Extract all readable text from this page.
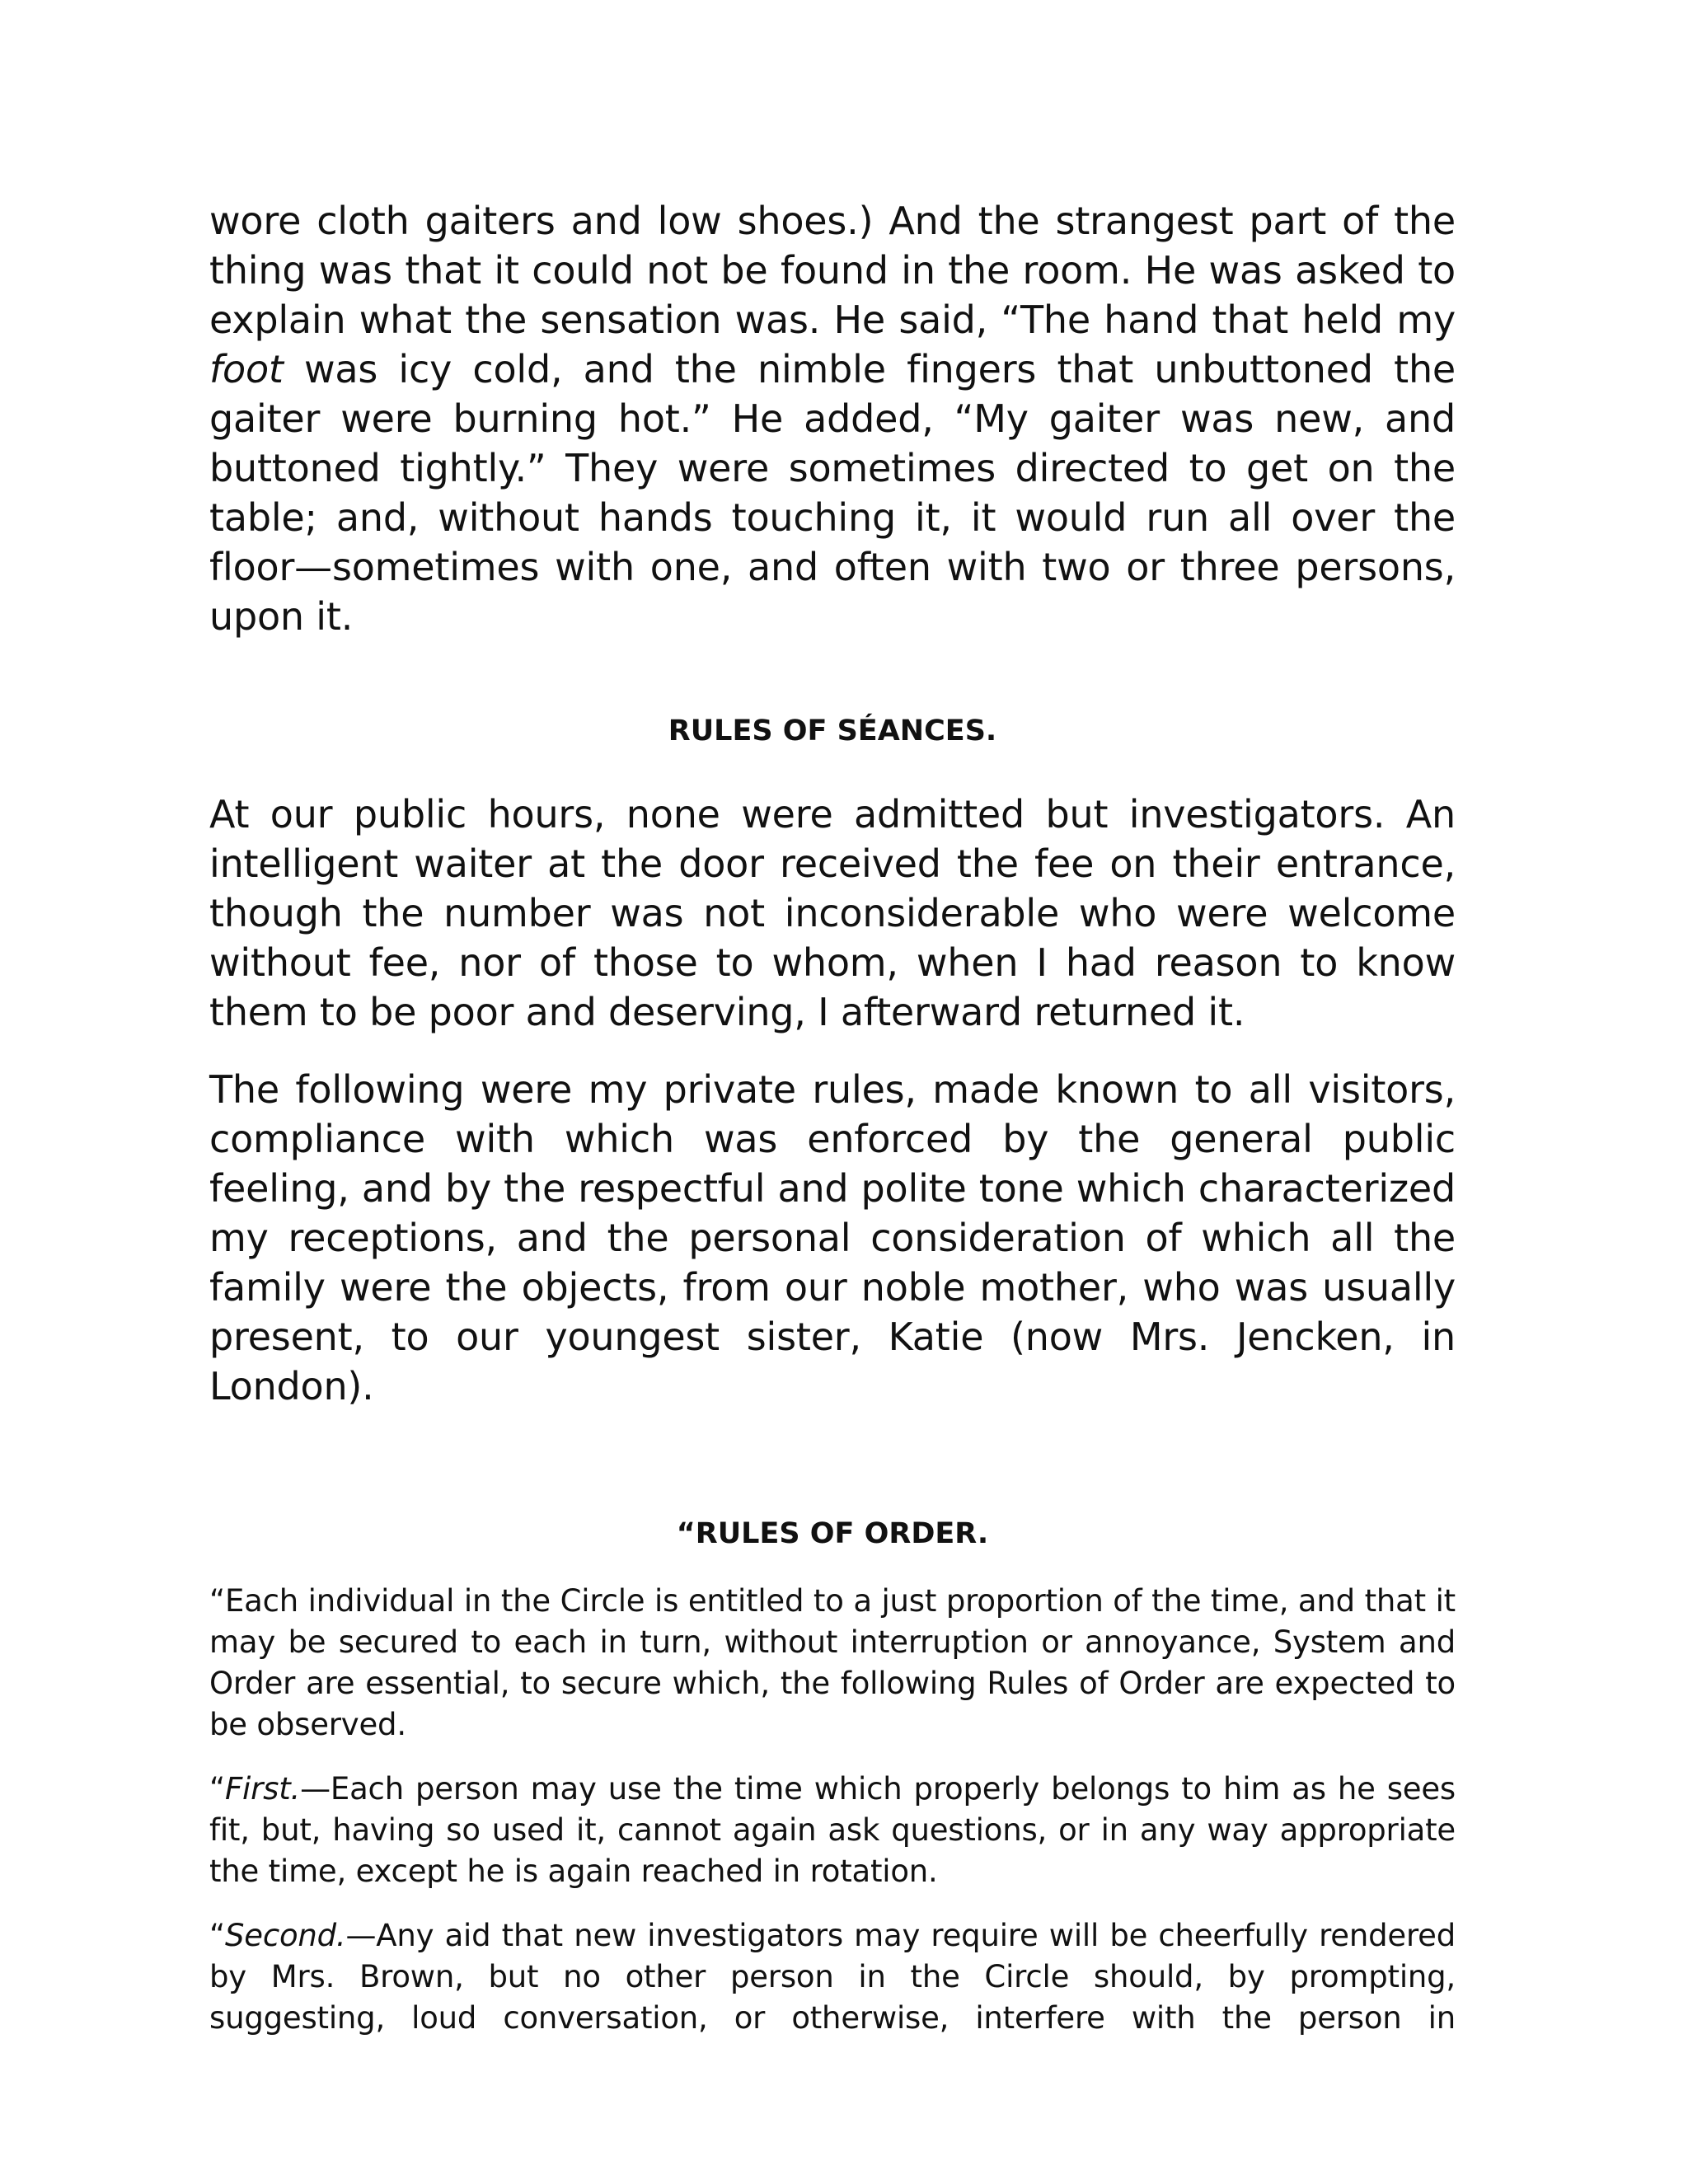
wore cloth gaiters and low shoes.) And the strangest part of the thing was that it could not be found in the room. He was asked to explain what the sensation was. He said, “The hand that held my foot was icy cold, and the nimble fingers that unbuttoned the gaiter were burning hot.” He added, “My gaiter was new, and buttoned tightly.” They were sometimes directed to get on the table; and, without hands touching it, it would run all over the floor—sometimes with one, and often with two or three persons, upon it.

RULES OF SÉANCES.

At our public hours, none were admitted but investigators. An intelligent waiter at the door received the fee on their entrance, though the number was not inconsiderable who were welcome without fee, nor of those to whom, when I had reason to know them to be poor and deserving, I afterward returned it.

The following were my private rules, made known to all visitors, compliance with which was enforced by the general public feeling, and by the respectful and polite tone which characterized my receptions, and the personal consideration of which all the family were the objects, from our noble mother, who was usually present, to our youngest sister, Katie (now Mrs. Jencken, in London).

“RULES OF ORDER.

“Each individual in the Circle is entitled to a just proportion of the time, and that it may be secured to each in turn, without interruption or annoyance, System and Order are essential, to secure which, the following Rules of Order are expected to be observed.

“First.—Each person may use the time which properly belongs to him as he sees fit, but, having so used it, cannot again ask questions, or in any way appropriate the time, except he is again reached in rotation.

“Second.—Any aid that new investigators may require will be cheerfully rendered by Mrs. Brown, but no other person in the Circle should, by prompting, suggesting, loud conversation, or otherwise, interfere with the person in
